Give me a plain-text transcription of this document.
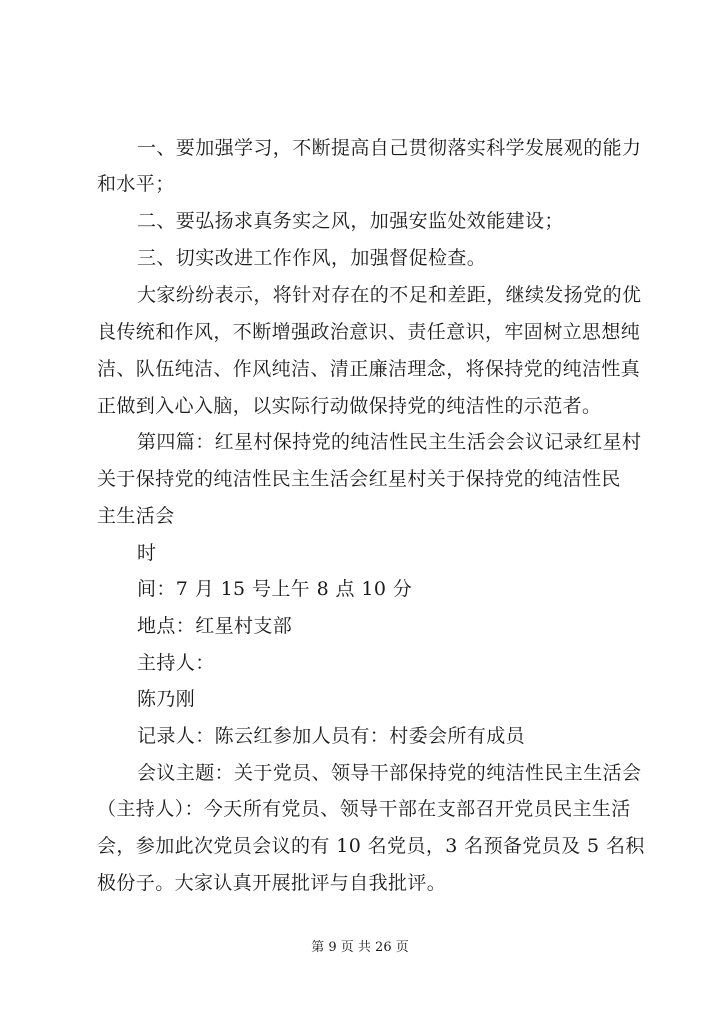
一、要加强学习，不断提高自己贯彻落实科学发展观的能力
和水平；
二、要弘扬求真务实之风，加强安监处效能建设；
三、切实改进工作作风，加强督促检查。
大家纷纷表示，将针对存在的不足和差距，继续发扬党的优
良传统和作风，不断增强政治意识、责任意识，牢固树立思想纯
洁、队伍纯洁、作风纯洁、清正廉洁理念，将保持党的纯洁性真
正做到入心入脑，以实际行动做保持党的纯洁性的示范者。
第四篇：红星村保持党的纯洁性民主生活会会议记录红星村
关于保持党的纯洁性民主生活会红星村关于保持党的纯洁性民
主生活会
时
间：7 月 15 号上午 8 点 10 分
地点：红星村支部
主持人：
陈乃刚
记录人：陈云红参加人员有：村委会所有成员
会议主题：关于党员、领导干部保持党的纯洁性民主生活会
（主持人）：今天所有党员、领导干部在支部召开党员民主生活
会，参加此次党员会议的有 10 名党员，3 名预备党员及 5 名积
极份子。大家认真开展批评与自我批评。
第 9 页 共 26 页
